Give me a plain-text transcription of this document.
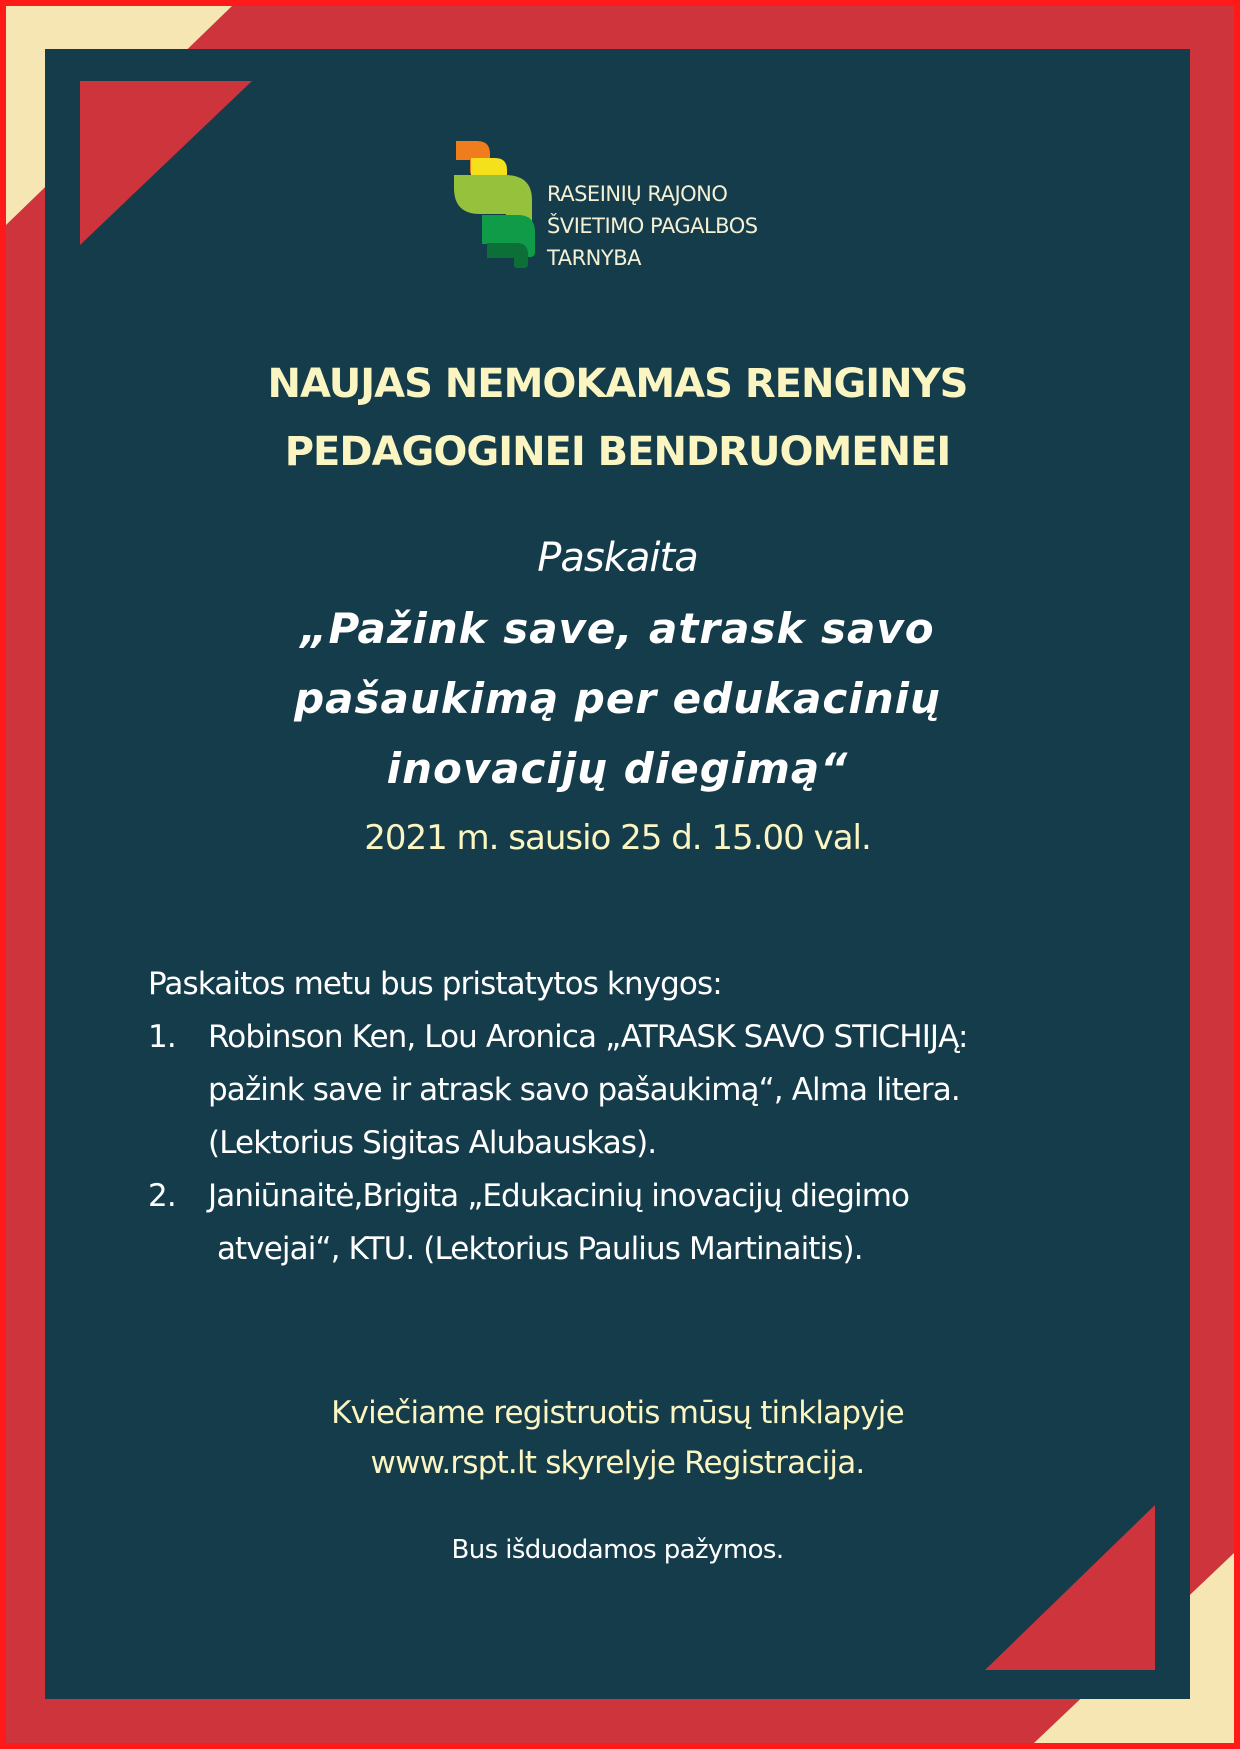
RASEINIŲ RAJONO
ŠVIETIMO PAGALBOS
TARNYBA
NAUJAS NEMOKAMAS RENGINYS
PEDAGOGINEI BENDRUOMENEI
Paskaita
„Pažink save, atrask savo
pašaukimą per edukacinių
inovacijų diegimą“
2021 m. sausio 25 d. 15.00 val.
Paskaitos metu bus pristatytos knygos:
1. Robinson Ken, Lou Aronica „ATRASK SAVO STICHIJĄ:
pažink save ir atrask savo pašaukimą“, Alma litera.
(Lektorius Sigitas Alubauskas).
2. Janiūnaitė,Brigita „Edukacinių inovacijų diegimo
atvejai“, KTU. (Lektorius Paulius Martinaitis).
Kviečiame registruotis mūsų tinklapyje
www.rspt.lt skyrelyje Registracija.
Bus išduodamos pažymos.
